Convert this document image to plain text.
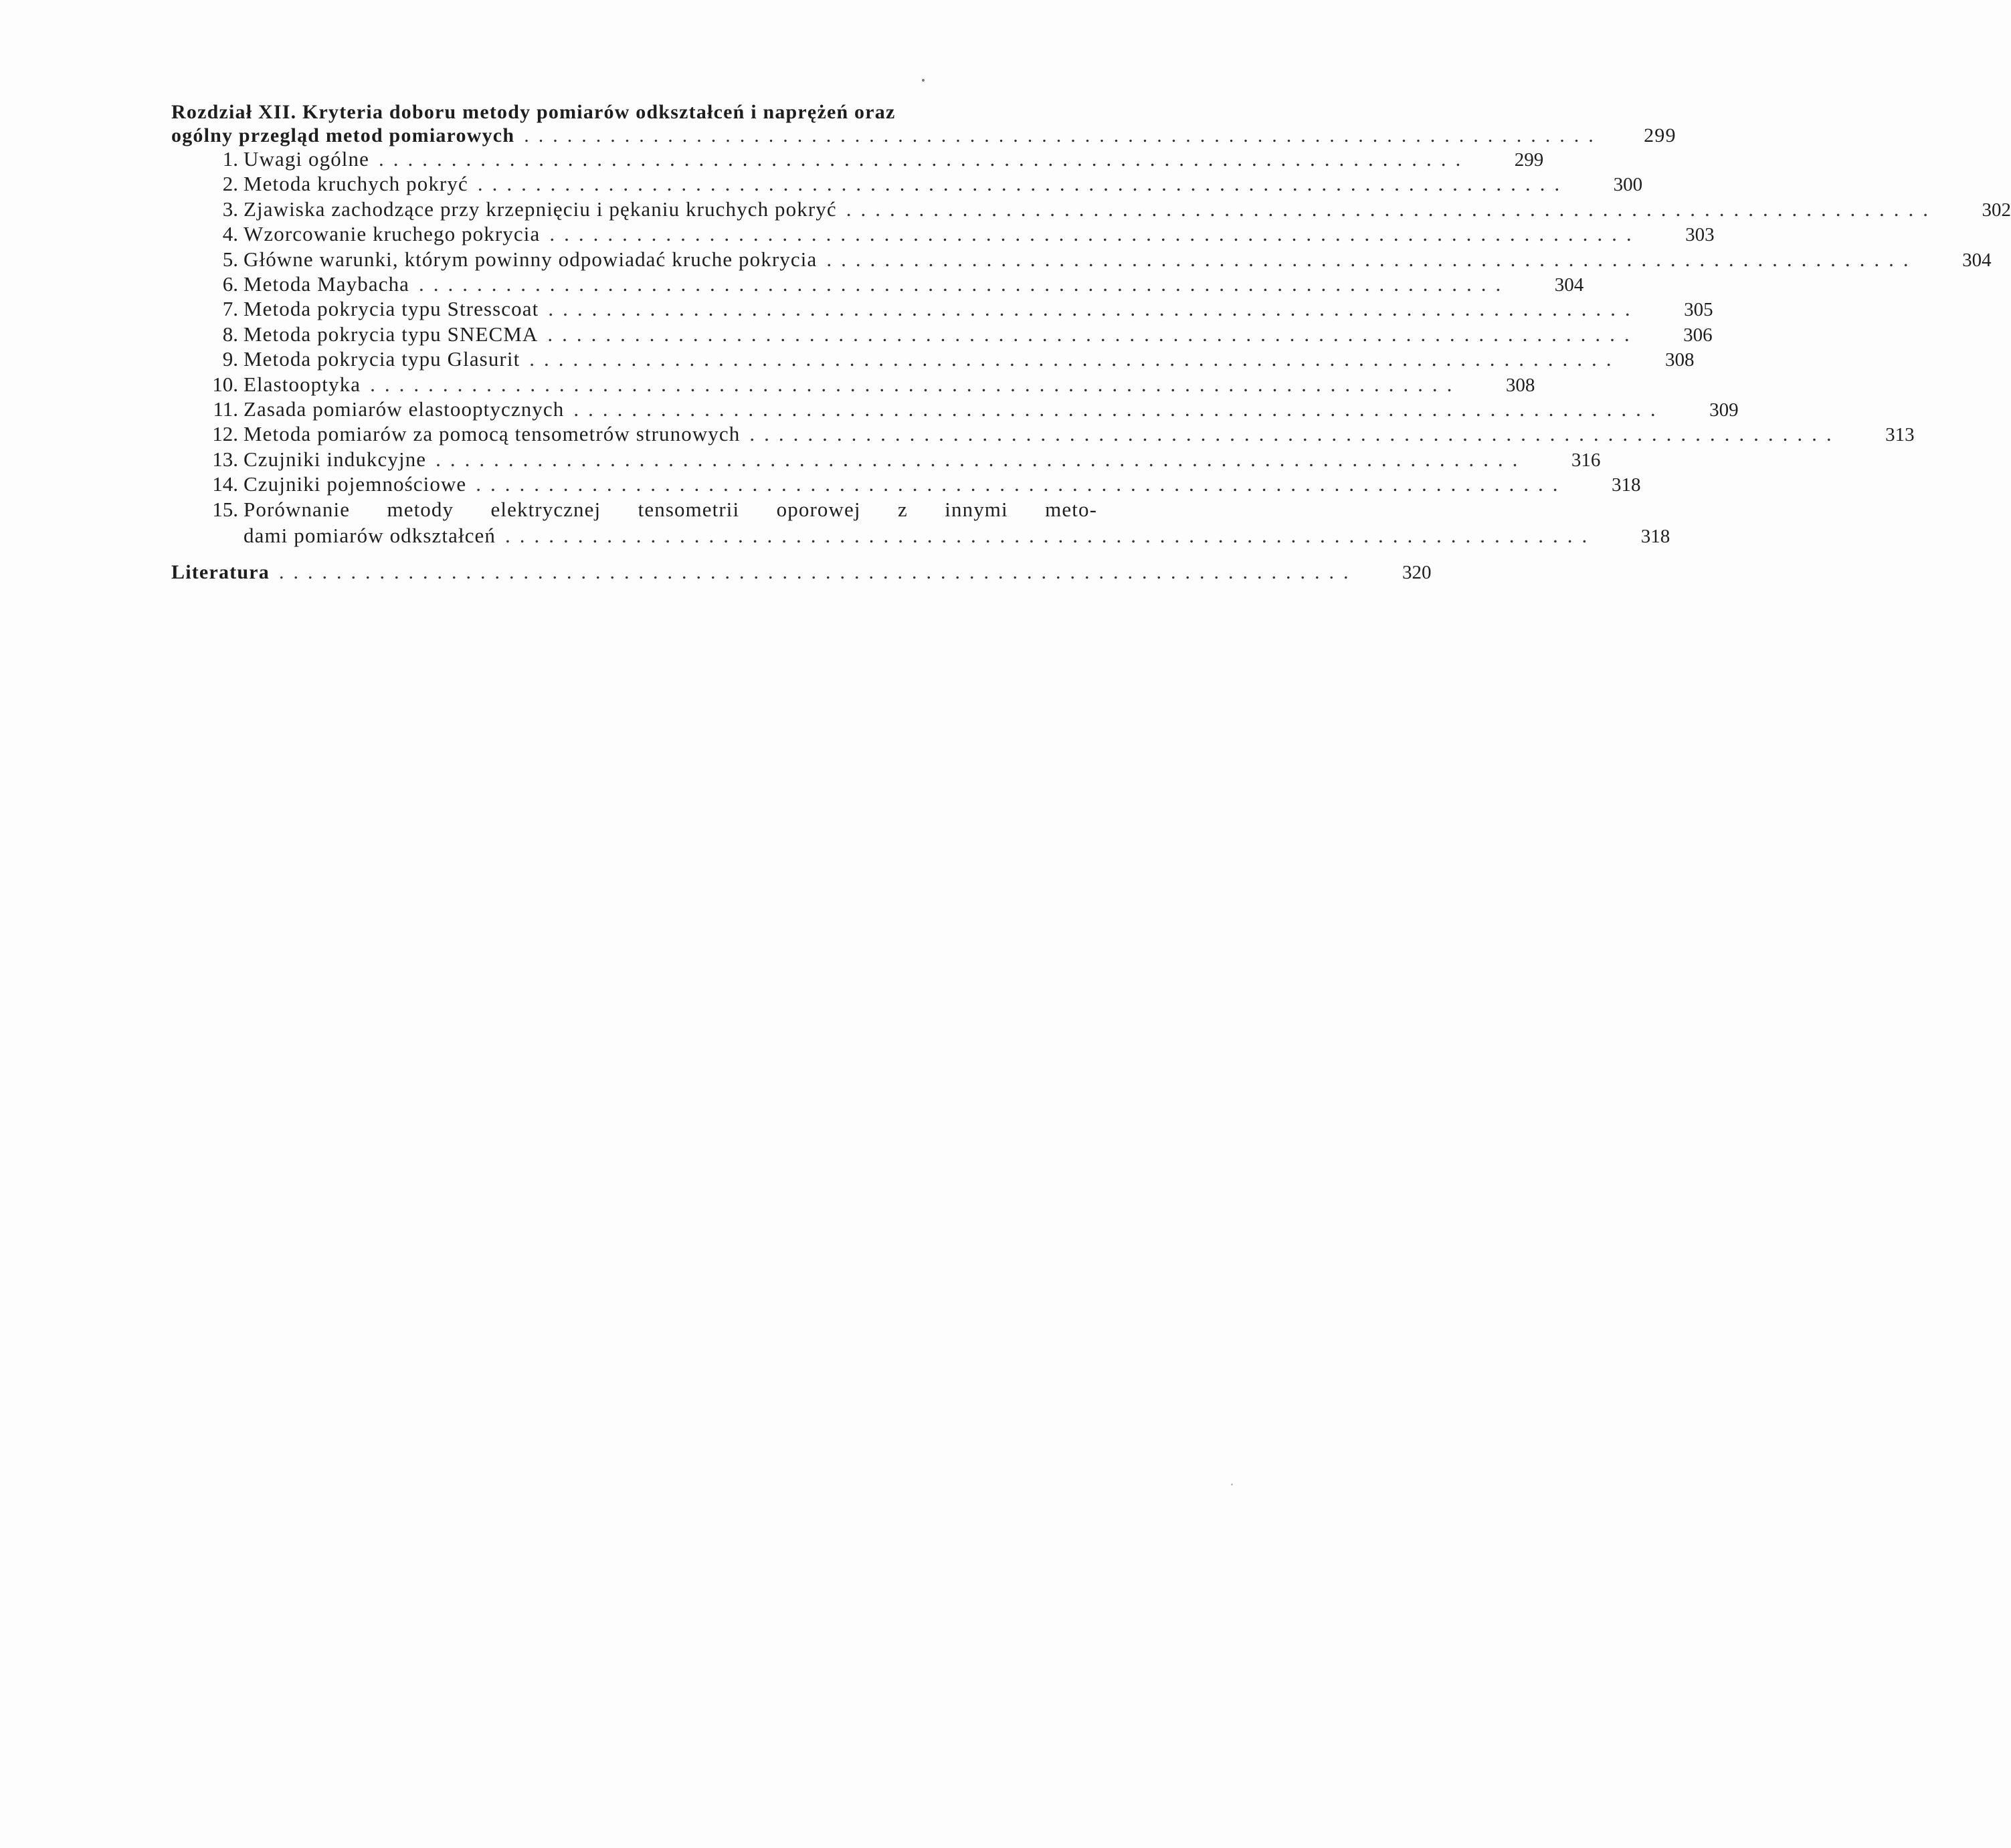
Rozdział XII. Kryteria doboru metody pomiarów odkształceń i naprężeń oraz
ogólny przegląd metod pomiarowych ...........................................................................	299
1. Uwagi ogólne ...........................................................................	299
2. Metoda kruchych pokryć ...........................................................................	300
3. Zjawiska zachodzące przy krzepnięciu i pękaniu kruchych pokryć ...........................................................................	302
4. Wzorcowanie kruchego pokrycia ...........................................................................	303
5. Główne warunki, którym powinny odpowiadać kruche pokrycia ...........................................................................	304
6. Metoda Maybacha ...........................................................................	304
7. Metoda pokrycia typu Stresscoat ...........................................................................	305
8. Metoda pokrycia typu SNECMA ...........................................................................	306
9. Metoda pokrycia typu Glasurit ...........................................................................	308
10. Elastooptyka ...........................................................................	308
11. Zasada pomiarów elastooptycznych ...........................................................................	309
12. Metoda pomiarów za pomocą tensometrów strunowych ...........................................................................	313
13. Czujniki indukcyjne ...........................................................................	316
14. Czujniki pojemnościowe ...........................................................................	318
15. Porównanie metody elektrycznej tensometrii oporowej z innymi meto-
dami pomiarów odkształceń ...........................................................................	318
Literatura ...........................................................................	320
